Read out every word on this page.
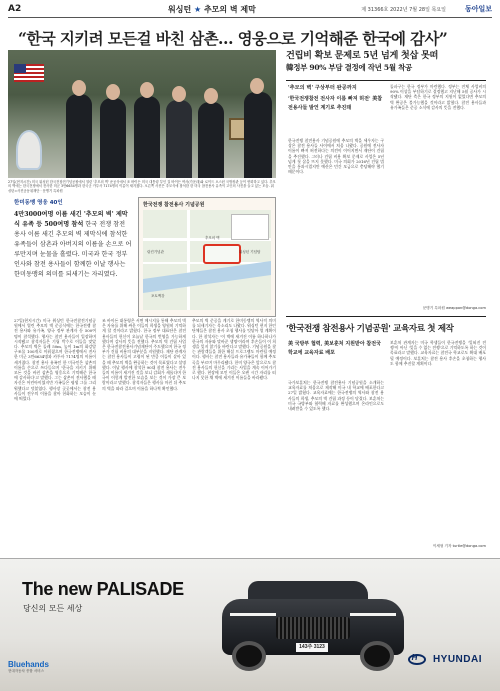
A2	워싱턴 ★ 추모의 벽 제막	제 31366호 2022년 7월 28일 목요일	동아일보
“한국 지키려 모든걸 바친 삼촌… 영웅으로 기억해준 한국에 감사”
27일(현지시간) 미국 워싱턴 한국전참전기념공원에서 열린 '추모의 벽' 준공식에서 조 바이든 미국 대통령 부인 질 바이든 여사(가운데)와 로이드 오스틴 국방장관 등이 헌화하고 있다. 추모의 벽에는 한국전쟁에서 전사한 미군 3만6634명과 한국군 카투사 7174명의 이름이 새겨졌다. 오른쪽 사진은 추모식에 참석한 한 미국 참전용사 유족이 고인의 사진을 들고 있는 모습. 워싱턴=사진공동취재단 · 문병기 특파원
한미동맹 영웅 40인
4만3000여명 이름 새긴 '추모의 벽' 제막식 유족 등 500여명 참석 한국 전쟁 참전 용사 이름 새긴 추모의 벽 제막식에 참석한 유족들이 삼촌과 아버지의 이름을 손으로 어루만지며 눈물을 흘렸다. 미국과 한국 정부 인사와 참전 용사들이 함께한 이날 행사는 한미동맹의 의미를 되새기는 자리였다.
한국전쟁 참전용사 기념공원
추모의 벽
링컨기념관	워싱턴 기념탑
포토맥강
27일(현지시간) 미국 워싱턴 한국전참전기념공원에서 열린 추모의 벽 준공식에는 한국전쟁 참전 용사와 유가족, 양국 정부 관계자 등 500여 명이 참석했다. 행사는 참전 용사들이 입장하며 시작됐고 참석자들은 기립 박수로 이들을 맞았다. 추모의 벽은 둘레 50m, 높이 1m의 화강암 구조물 100개로 이뤄졌으며 한국전쟁에서 전사한 미군 3만6634명과 카투사 7174명의 이름이 새겨졌다. 참전 용사 유족인 한 미국인은 삼촌의 이름을 손으로 쓰다듬으며 '한국을 지키기 위해 모든 것을 바친 삼촌을 영웅으로 기억해준 한국에 감사하다'고 말했다. 그는 삼촌이 전사했을 때 자신은 어린아이였지만 가족들은 평생 그를 그리워했다고 덧붙였다. 행사장 곳곳에서는 참전 용사들이 전우의 이름을 찾아 헌화하는 모습이 눈에 띄었다.
조 바이든 대통령은 서면 메시지를 통해 추모의 벽은 자유를 위해 싸운 이들의 희생을 영원히 기억하게 할 것이라고 밝혔다. 한국 정부 대표단은 참전 용사들의 헌신이 오늘날 한국의 번영을 가능하게 했다며 감사의 뜻을 전했다. 추모의 벽 건립 사업은 한국전참전용사기념재단이 주도했으며 한국 정부가 건립 비용의 대부분을 지원했다. 재단 관계자는 참전 용사들이 고령이 된 만큼 이들이 살아 있을 때 추모의 벽을 완공하는 것이 목표였다고 설명했다. 이날 행사에 참석한 90대 참전 용사는 전우들의 이름이 새겨진 것을 보니 감회가 새롭다며 한국이 이렇게 발전한 모습을 보는 것이 가장 큰 보람이라고 말했다. 참석자들은 행사를 마친 뒤 추모의 벽을 따라 걸으며 이름을 하나씩 확인했다.
추모의 벽 준공을 계기로 한미동맹의 역사적 의미를 되새기자는 목소리도 나왔다. 워싱턴 현지 한인 단체들은 참전 용사 초청 행사를 잇달아 열 계획이다. 한 참석자는 '이 벽에 새겨진 이름 하나하나가 한국의 자유와 맞바꾼 생명'이라며 후손들이 이 희생을 잊지 않기를 바란다고 말했다. 기념공원을 찾는 관람객들을 위한 해설 프로그램도 마련될 예정이다. 행사는 참전 용사들과 유가족들이 함께 추모곡을 부르며 마무리됐다. 한미 양국은 앞으로도 참전 용사들의 헌신을 기리는 사업을 계속 이어가기로 했다. 현장에 모인 이들은 오랜 시간 자리를 떠나지 못한 채 벽에 새겨진 이름들을 바라봤다.
건립비 확보 문제로 5년 넘게 첫삽 못떠
韓정부 90% 부담 결정에 작년 5월 착공
'추모의 벽' 구상부터 완공까지
'한국전쟁참전 전사자 이름 빠져 허전' 美참전용사들 발언 계기로 추진돼
한국전쟁 참전용사 기념공원에 추모의 벽을 세우자는 구상은 참전 용사들 사이에서 처음 나왔다. 공원에 전사자 이름이 빠져 허전하다는 의견이 이어지면서 재단이 건립을 추진했다. 그러나 건립 비용 확보 문제로 사업은 5년 넘게 첫 삽을 뜨지 못했다. 미국 의회가 2016년 건립 법안을 통과시켰지만 예산은 민간 모금으로 충당해야 했기 때문이다.
돌파구는 한국 정부가 마련했다. 정부는 전체 사업비의 90% 이상을 부담하기로 결정했고 지난해 5월 공사가 시작됐다. 재단 측은 한국 정부의 지원이 없었다면 추모의 벽 완공은 불가능했을 것이라고 밝혔다. 참전 용사들과 유가족들은 준공 소식에 감사의 뜻을 전했다.
문병기 특파원 weappon@donga.com
'한국전쟁 참전용사 기념공원' 교육자료 첫 제작
美 국방부 협력, 美보훈처 지원받아 참전국 학교에 교육자료 배포
국가보훈처는 한국전쟁 참전용사 기념공원을 소개하는 교육자료를 처음으로 제작해 미국 내 학교에 배포한다고 27일 밝혔다. 교육자료에는 한국전쟁의 역사와 참전 용사들의 희생, 추모의 벽 건립 과정 등이 담겼다. 보훈처는 미국 국방부와 협력해 자료를 완성했으며 온라인으로도 내려받을 수 있도록 했다.
보훈처 관계자는 미국 학생들이 한국전쟁을 '잊혀진 전쟁'이 아닌 '잊을 수 없는 전쟁'으로 기억하도록 하는 것이 목표라고 말했다. 교육자료는 참전국 학교로도 확대 배포될 예정이다. 보훈처는 참전 용사 후손을 초청하는 행사도 함께 추진할 계획이다.
이세형 기자 turtle@donga.com
The new PALISADE
당신의 모든 세상
143주 3123
Bluehands
현대자동차 종합 서비스
H HYUNDAI
